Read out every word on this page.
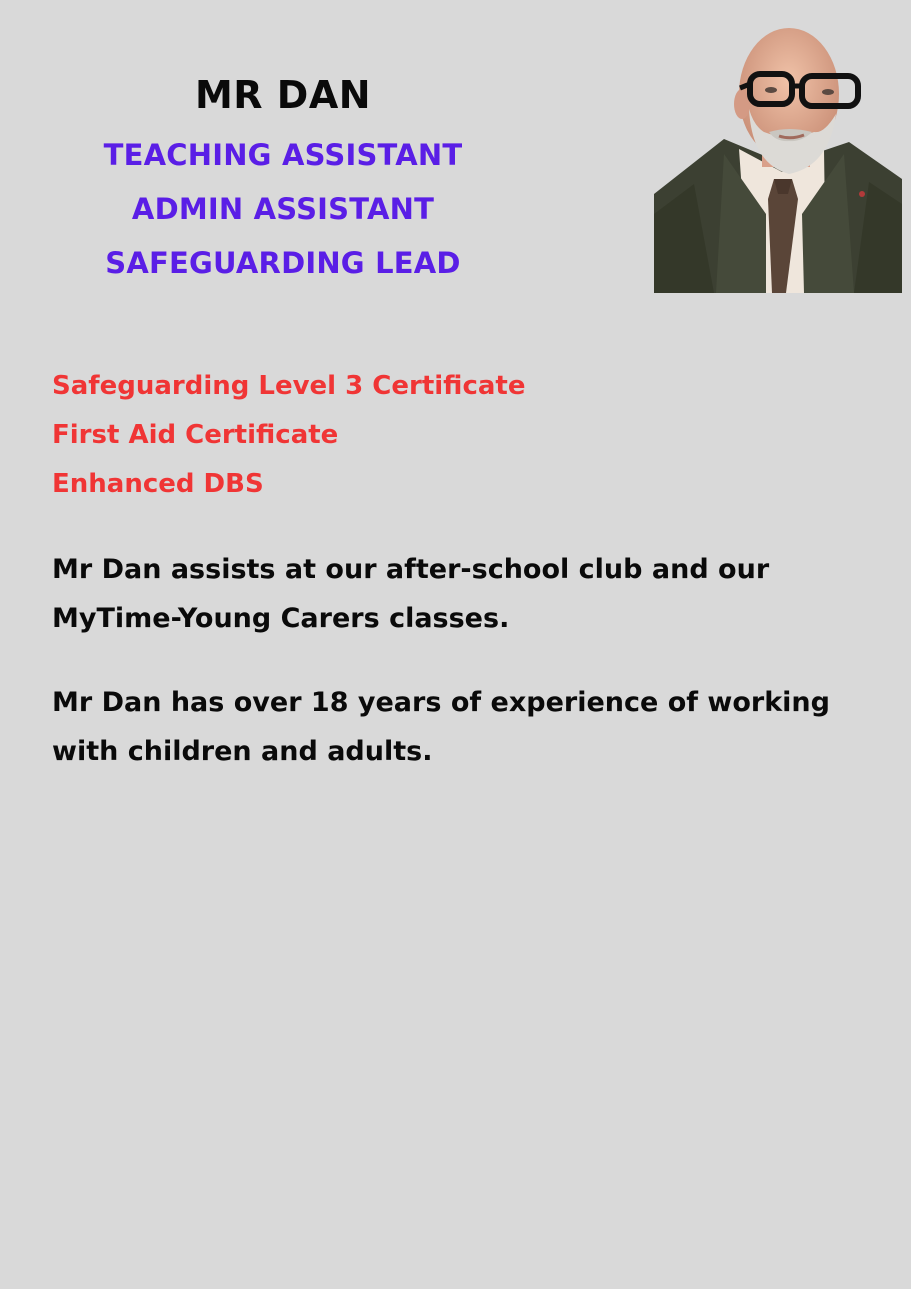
MR DAN
TEACHING ASSISTANT
ADMIN ASSISTANT
SAFEGUARDING LEAD
Safeguarding Level 3 Certificate
First Aid Certificate
Enhanced DBS
Mr Dan assists at our after-school club and our
MyTime-Young Carers classes.
Mr Dan has over 18 years of experience of working
with children and adults.
